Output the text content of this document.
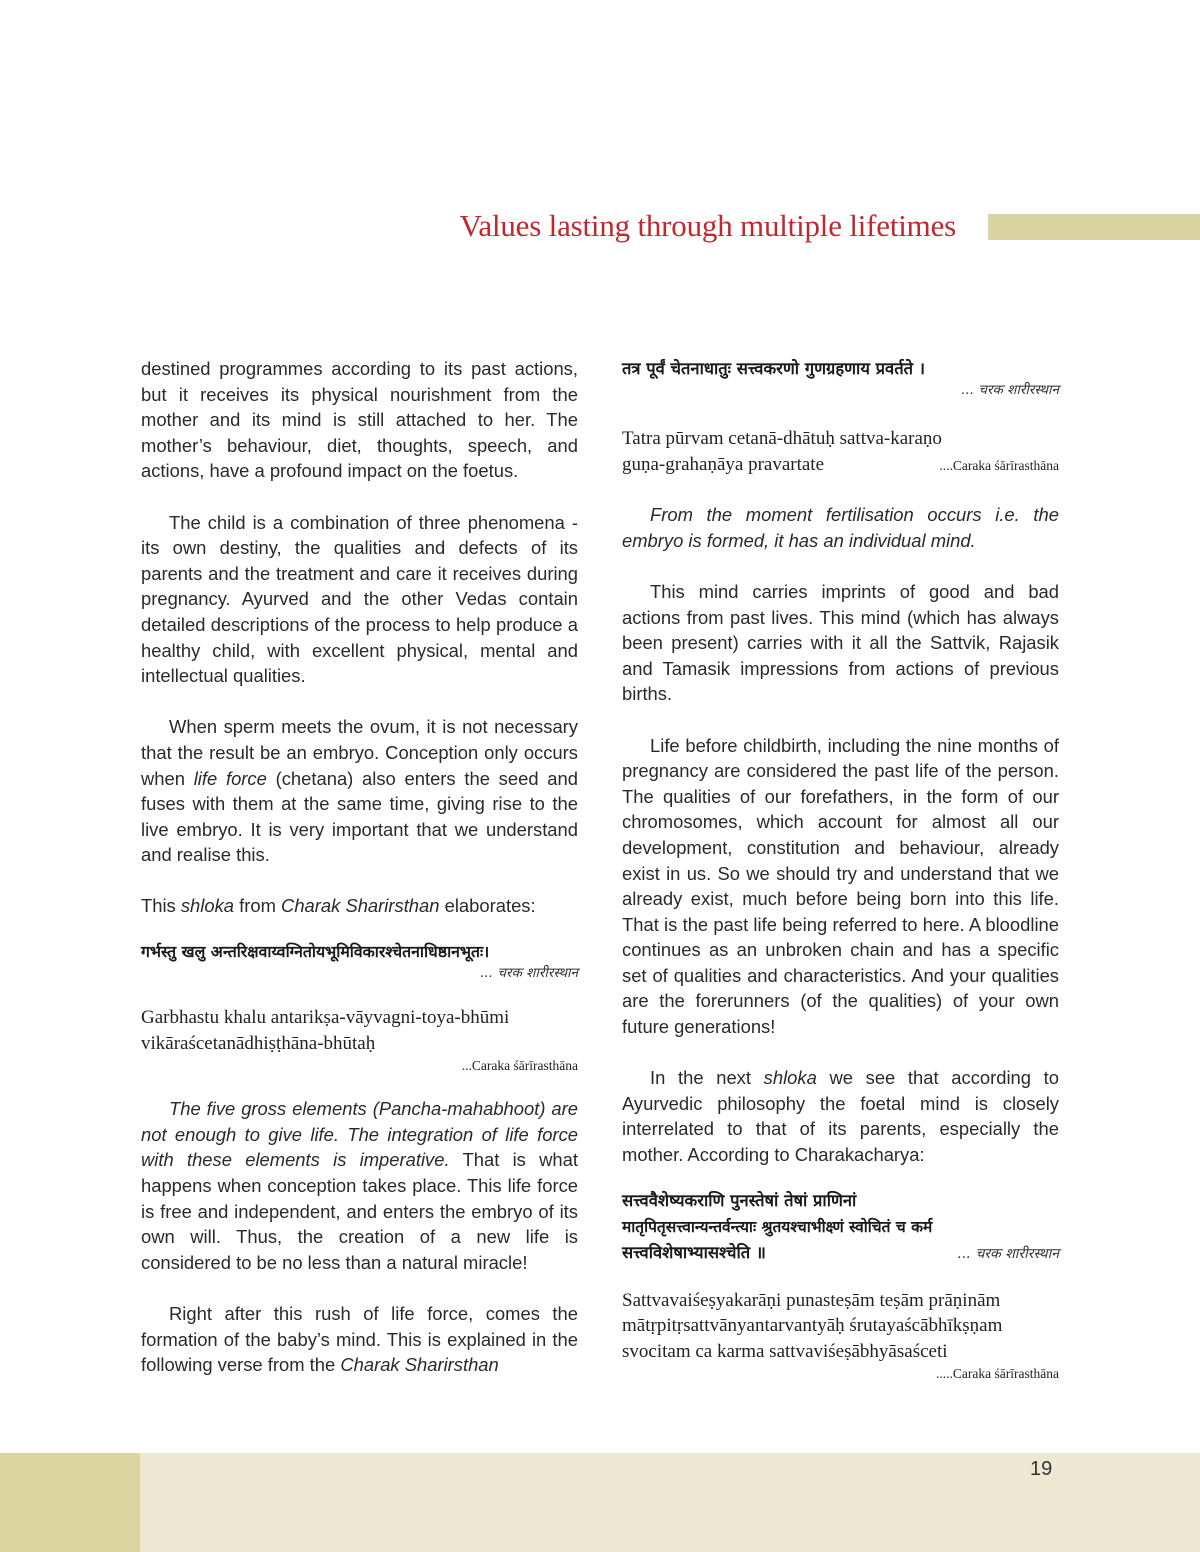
Values lasting through multiple lifetimes

destined programmes according to its past actions, but it receives its physical nourishment from the mother and its mind is still attached to her. The mother’s behaviour, diet, thoughts, speech, and actions, have a profound impact on the foetus.

The child is a combination of three phenomena - its own destiny, the qualities and defects of its parents and the treatment and care it receives during pregnancy. Ayurved and the other Vedas contain detailed descriptions of the process to help produce a healthy child, with excellent physical, mental and intellectual qualities.

When sperm meets the ovum, it is not necessary that the result be an embryo. Conception only occurs when life force (chetana) also enters the seed and fuses with them at the same time, giving rise to the live embryo. It is very important that we understand and realise this.

This shloka from Charak Sharirsthan elaborates:

गर्भस्तु खलु अन्तरिक्षवाय्वग्नितोयभूमिविकारश्चेतनाधिष्ठानभूतः।

... चरक शारीरस्थान

Garbhastu khalu antarikṣa-vāyvagni-toya-bhūmi

vikāraścetanādhiṣṭhāna-bhūtaḥ

...Caraka śārīrasthāna

The five gross elements (Pancha-mahabhoot) are not enough to give life. The integration of life force with these elements is imperative. That is what happens when conception takes place. This life force is free and independent, and enters the embryo of its own will. Thus, the creation of a new life is considered to be no less than a natural miracle!

Right after this rush of life force, comes the formation of the baby’s mind. This is explained in the following verse from the Charak Sharirsthan

तत्र पूर्वं चेतनाधातुः सत्त्वकरणो गुणग्रहणाय प्रवर्तते ।

... चरक शारीरस्थान

Tatra pūrvam cetanā-dhātuḥ sattva-karaṇo

guṇa-grahaṇāya pravartate	....Caraka śārīrasthāna

From the moment fertilisation occurs i.e. the embryo is formed, it has an individual mind.

This mind carries imprints of good and bad actions from past lives. This mind (which has always been present) carries with it all the Sattvik, Rajasik and Tamasik impressions from actions of previous births.

Life before childbirth, including the nine months of pregnancy are considered the past life of the person. The qualities of our forefathers, in the form of our chromosomes, which account for almost all our development, constitution and behaviour, already exist in us. So we should try and understand that we already exist, much before being born into this life. That is the past life being referred to here. A bloodline continues as an unbroken chain and has a specific set of qualities and characteristics. And your qualities are the forerunners (of the qualities) of your own future generations!

In the next shloka we see that according to Ayurvedic philosophy the foetal mind is closely interrelated to that of its parents, especially the mother. According to Charakacharya:

सत्त्ववैशेष्यकराणि पुनस्तेषां तेषां प्राणिनां

मातृपितृसत्त्वान्यन्तर्वन्त्याः श्रुतयश्चाभीक्ष्णं स्वोचितं च कर्म

सत्त्वविशेषाभ्यासश्चेति ॥	... चरक शारीरस्थान

Sattvavaiśeṣyakarāṇi punasteṣām teṣām prāṇinām

mātṛpitṛsattvānyantarvantyāḥ śrutayaścābhīkṣṇam

svocitam ca karma sattvaviśeṣābhyāsaśceti

.....Caraka śārīrasthāna

19
